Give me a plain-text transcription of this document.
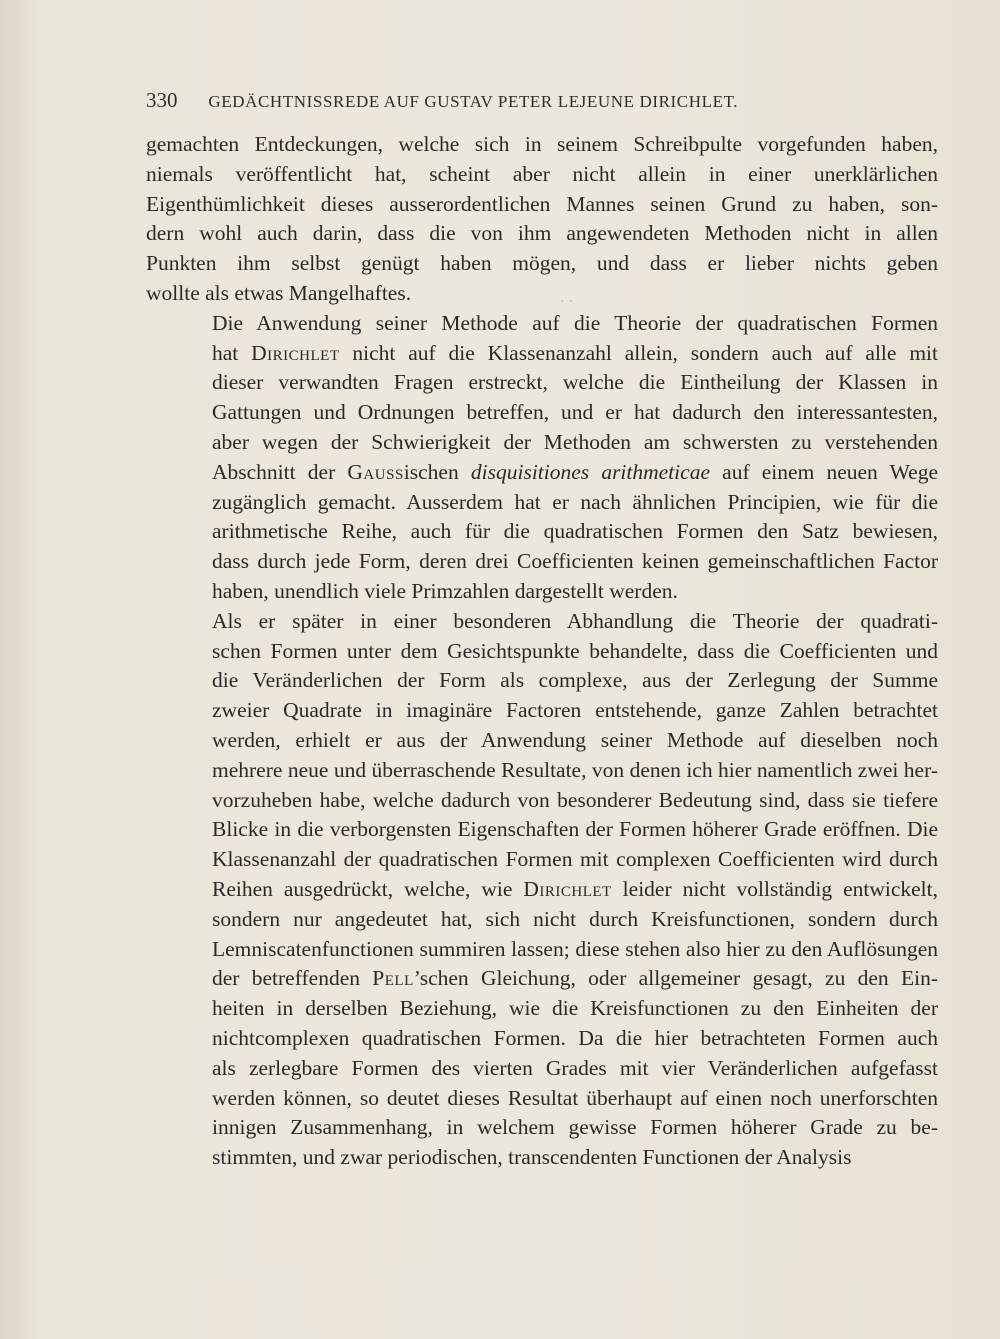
. .
330 GEDÄCHTNISSREDE AUF GUSTAV PETER LEJEUNE DIRICHLET.
gemachten Entdeckungen, welche sich in seinem Schreibpulte vorgefunden haben,
niemals veröffentlicht hat, scheint aber nicht allein in einer unerklärlichen
Eigenthümlichkeit dieses ausserordentlichen Mannes seinen Grund zu haben, son-
dern wohl auch darin, dass die von ihm angewendeten Methoden nicht in allen
Punkten ihm selbst genügt haben mögen, und dass er lieber nichts geben
wollte als etwas Mangelhaftes.
Die Anwendung seiner Methode auf die Theorie der quadratischen Formen
hat Dirichlet nicht auf die Klassenanzahl allein, sondern auch auf alle mit
dieser verwandten Fragen erstreckt, welche die Eintheilung der Klassen in
Gattungen und Ordnungen betreffen, und er hat dadurch den interessantesten,
aber wegen der Schwierigkeit der Methoden am schwersten zu verstehenden
Abschnitt der Gaussischen disquisitiones arithmeticae auf einem neuen Wege
zugänglich gemacht. Ausserdem hat er nach ähnlichen Principien, wie für die
arithmetische Reihe, auch für die quadratischen Formen den Satz bewiesen,
dass durch jede Form, deren drei Coefficienten keinen gemeinschaftlichen Factor
haben, unendlich viele Primzahlen dargestellt werden.
Als er später in einer besonderen Abhandlung die Theorie der quadrati-
schen Formen unter dem Gesichtspunkte behandelte, dass die Coefficienten und
die Veränderlichen der Form als complexe, aus der Zerlegung der Summe
zweier Quadrate in imaginäre Factoren entstehende, ganze Zahlen betrachtet
werden, erhielt er aus der Anwendung seiner Methode auf dieselben noch
mehrere neue und überraschende Resultate, von denen ich hier namentlich zwei her-
vorzuheben habe, welche dadurch von besonderer Bedeutung sind, dass sie tiefere
Blicke in die verborgensten Eigenschaften der Formen höherer Grade eröffnen. Die
Klassenanzahl der quadratischen Formen mit complexen Coefficienten wird durch
Reihen ausgedrückt, welche, wie Dirichlet leider nicht vollständig entwickelt,
sondern nur angedeutet hat, sich nicht durch Kreisfunctionen, sondern durch
Lemniscatenfunctionen summiren lassen; diese stehen also hier zu den Auflösungen
der betreffenden Pell’schen Gleichung, oder allgemeiner gesagt, zu den Ein-
heiten in derselben Beziehung, wie die Kreisfunctionen zu den Einheiten der
nichtcomplexen quadratischen Formen. Da die hier betrachteten Formen auch
als zerlegbare Formen des vierten Grades mit vier Veränderlichen aufgefasst
werden können, so deutet dieses Resultat überhaupt auf einen noch unerforschten
innigen Zusammenhang, in welchem gewisse Formen höherer Grade zu be-
stimmten, und zwar periodischen, transcendenten Functionen der Analysis
